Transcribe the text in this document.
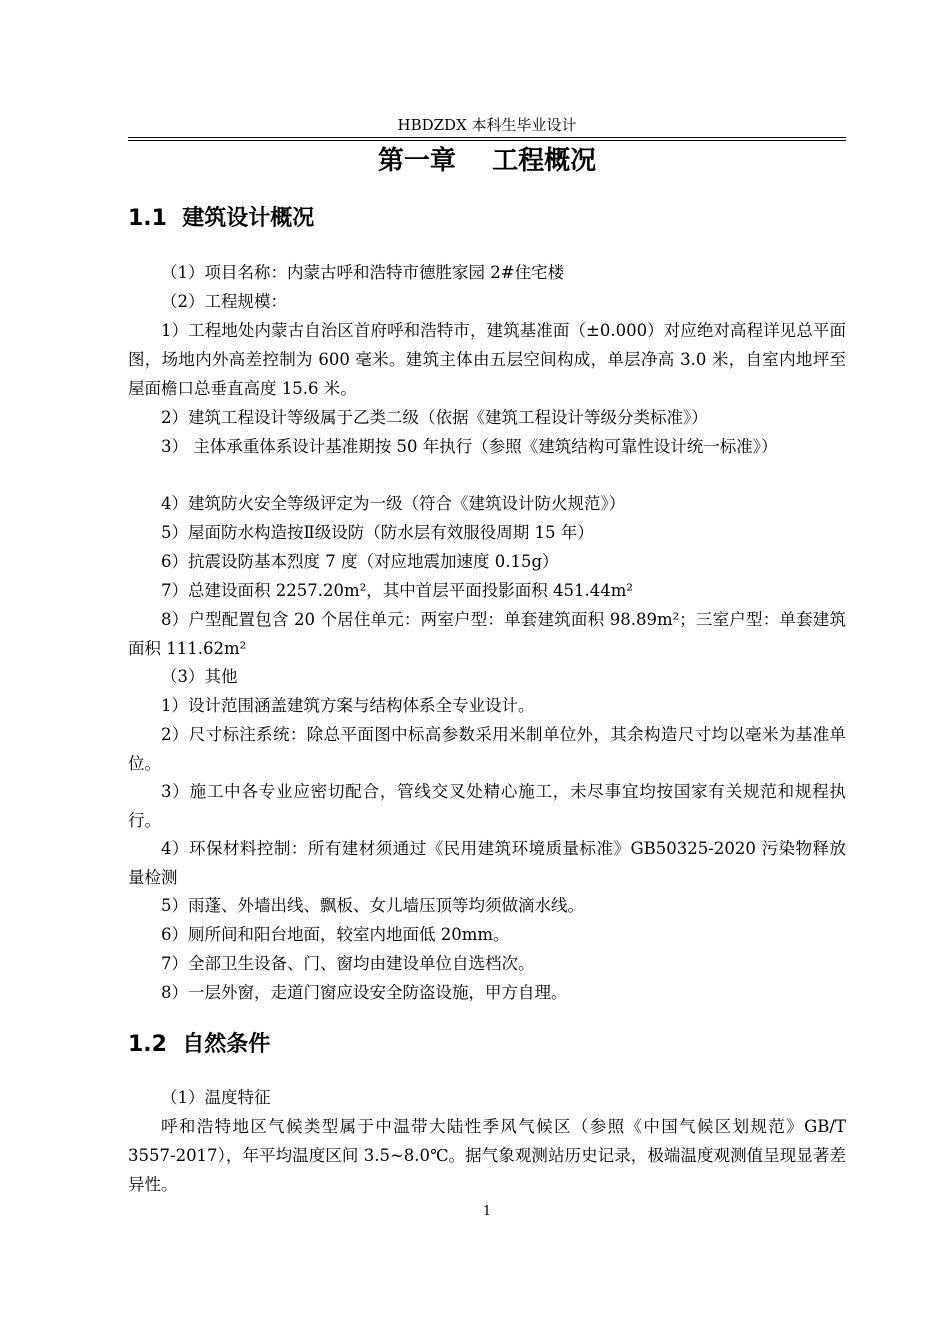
HBDZDX 本科生毕业设计
第一章    工程概况
1.1  建筑设计概况
（1）项目名称：内蒙古呼和浩特市德胜家园 2#住宅楼
（2）工程规模：
1）工程地处内蒙古自治区首府呼和浩特市，建筑基准面（±0.000）对应绝对高程详见总平面图，场地内外高差控制为 600 毫米。建筑主体由五层空间构成，单层净高 3.0 米，自室内地坪至屋面檐口总垂直高度 15.6 米。
2）建筑工程设计等级属于乙类二级（依据《建筑工程设计等级分类标准》）
3） 主体承重体系设计基准期按 50 年执行（参照《建筑结构可靠性设计统一标准》）
4）建筑防火安全等级评定为一级（符合《建筑设计防火规范》）
5）屋面防水构造按Ⅱ级设防（防水层有效服役周期 15 年）
6）抗震设防基本烈度 7 度（对应地震加速度 0.15g）
7）总建设面积 2257.20m²，其中首层平面投影面积 451.44m²
8）户型配置包含 20 个居住单元：两室户型：单套建筑面积 98.89m²；三室户型：单套建筑面积 111.62m²
（3）其他
1）设计范围涵盖建筑方案与结构体系全专业设计。
2）尺寸标注系统：除总平面图中标高参数采用米制单位外，其余构造尺寸均以毫米为基准单位。
3）施工中各专业应密切配合，管线交叉处精心施工，未尽事宜均按国家有关规范和规程执行。
4）环保材料控制：所有建材须通过《民用建筑环境质量标准》GB50325-2020 污染物释放量检测
5）雨蓬、外墙出线、飘板、女儿墙压顶等均须做滴水线。
6）厕所间和阳台地面，较室内地面低 20mm。
7）全部卫生设备、门、窗均由建设单位自选档次。
8）一层外窗，走道门窗应设安全防盗设施，甲方自理。
1.2  自然条件
（1）温度特征
呼和浩特地区气候类型属于中温带大陆性季风气候区（参照《中国气候区划规范》GB/T 3557-2017），年平均温度区间 3.5~8.0℃。据气象观测站历史记录，极端温度观测值呈现显著差异性。
1
